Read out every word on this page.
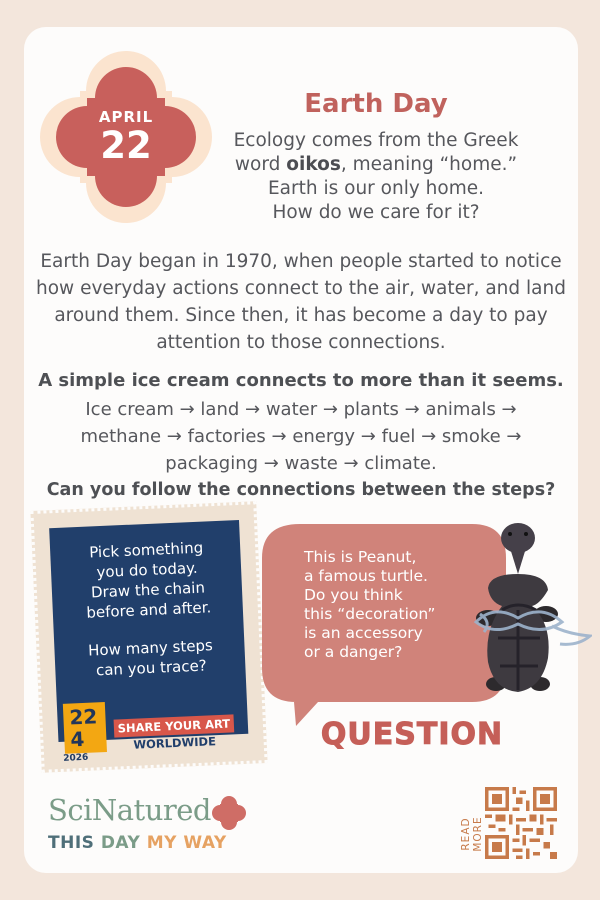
APRIL
22
Earth Day
Ecology comes from the Greek
word oikos, meaning “home.”
Earth is our only home.
How do we care for it?
Earth Day began in 1970, when people started to notice how everyday actions connect to the air, water, and land around them. Since then, it has become a day to pay attention to those connections.
A simple ice cream connects to more than it seems.
Ice cream → land → water → plants → animals →
methane → factories → energy → fuel → smoke →
packaging → waste → climate.
Can you follow the connections between the steps?
Pick something
you do today.
Draw the chain
before and after.
How many steps
can you trace?
22
4
SHARE YOUR ART
WORLDWIDE
2026
This is Peanut,
a famous turtle.
Do you think
this “decoration”
is an accessory
or a danger?
QUESTION
SciNatured
THIS DAY MY WAY	READ MORE
